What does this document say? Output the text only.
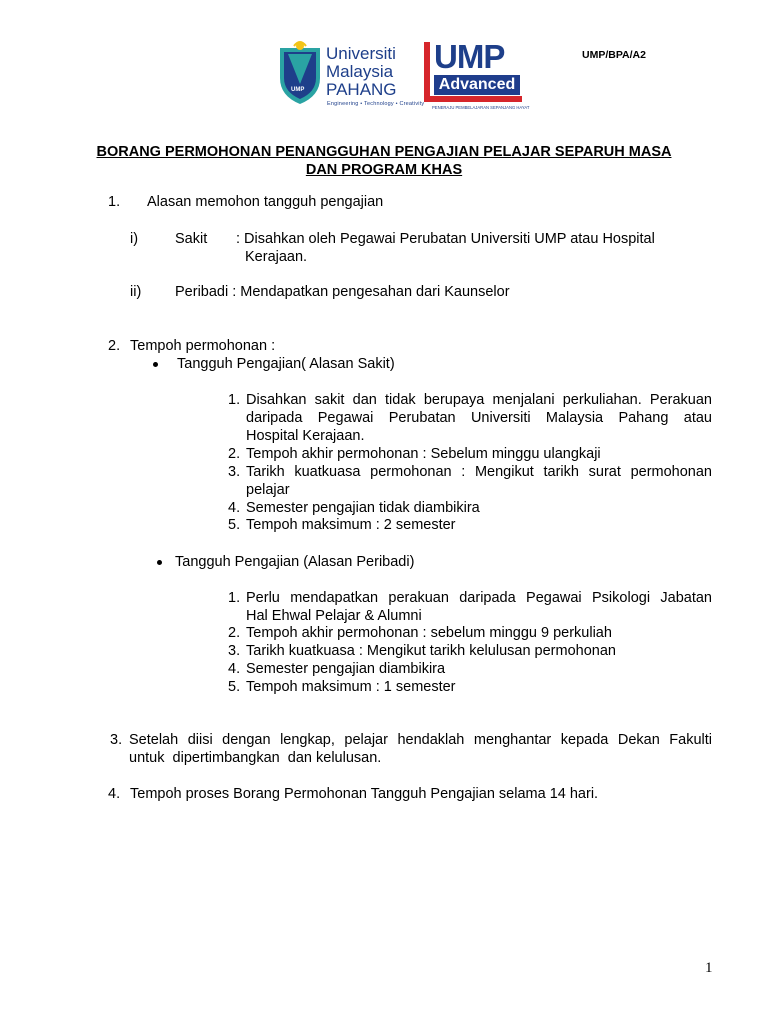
UMP
Universiti
Malaysia
PAHANG
Engineering • Technology • Creativity
UMP
Advanced
PENERAJU PEMBELAJARAN SEPANJANG HAYAT
UMP/BPA/A2
BORANG PERMOHONAN PENANGGUHAN PENGAJIAN PELAJAR SEPARUH MASA
DAN PROGRAM KHAS
1. Alasan memohon tangguh pengajian
i)	Sakit : Disahkan oleh Pegawai Perubatan Universiti UMP atau Hospital
Kerajaan.
ii) Peribadi : Mendapatkan pengesahan dari Kaunselor
2. Tempoh permohonan :
Tangguh Pengajian( Alasan Sakit)
1. Disahkan sakit dan tidak berupaya menjalani perkuliahan. Perakuan
daripada Pegawai Perubatan Universiti Malaysia Pahang atau
Hospital Kerajaan.
2. Tempoh akhir permohonan : Sebelum minggu ulangkaji
3. Tarikh kuatkuasa permohonan : Mengikut tarikh surat permohonan
pelajar
4. Semester pengajian tidak diambikira
5. Tempoh maksimum : 2 semester
Tangguh Pengajian (Alasan Peribadi)
1. Perlu mendapatkan perakuan daripada Pegawai Psikologi Jabatan
Hal Ehwal Pelajar & Alumni
2. Tempoh akhir permohonan : sebelum minggu 9 perkuliah
3. Tarikh kuatkuasa : Mengikut tarikh kelulusan permohonan
4. Semester pengajian diambikira
5. Tempoh maksimum : 1 semester
3. Setelah diisi dengan lengkap, pelajar hendaklah menghantar kepada Dekan Fakulti
untuk  dipertimbangkan  dan kelulusan.
4. Tempoh proses Borang Permohonan Tangguh Pengajian selama 14 hari.
1
